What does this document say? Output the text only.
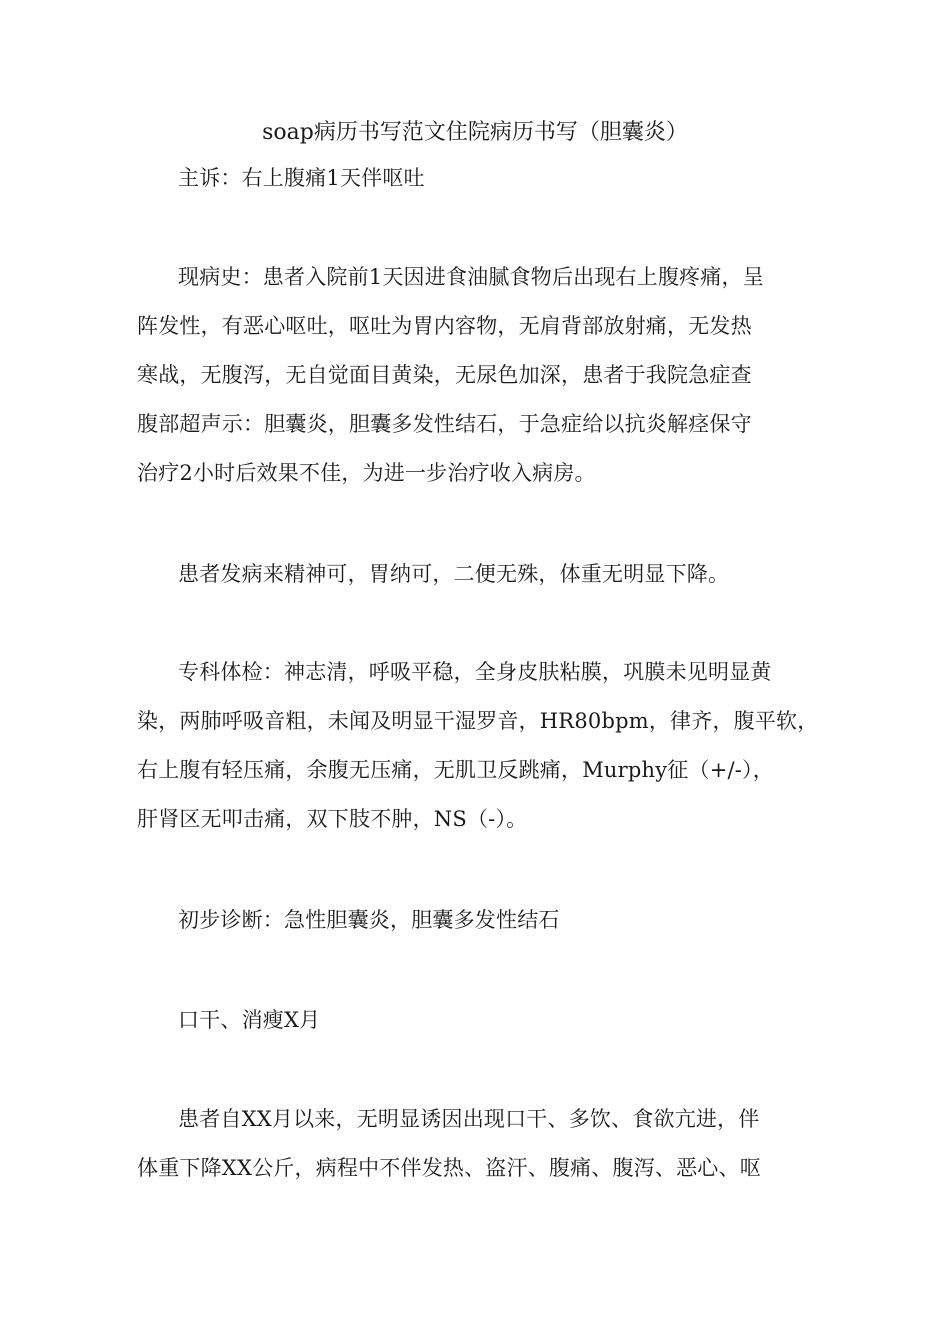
soap病历书写范文住院病历书写（胆囊炎）
主诉：右上腹痛1天伴呕吐
现病史：患者入院前1天因进食油腻食物后出现右上腹疼痛，呈
阵发性，有恶心呕吐，呕吐为胃内容物，无肩背部放射痛，无发热
寒战，无腹泻，无自觉面目黄染，无尿色加深，患者于我院急症查
腹部超声示：胆囊炎，胆囊多发性结石，于急症给以抗炎解痉保守
治疗2小时后效果不佳，为进一步治疗收入病房。
患者发病来精神可，胃纳可，二便无殊，体重无明显下降。
专科体检：神志清，呼吸平稳，全身皮肤粘膜，巩膜未见明显黄
染，两肺呼吸音粗，未闻及明显干湿罗音，HR80bpm，律齐，腹平软，
右上腹有轻压痛，余腹无压痛，无肌卫反跳痛，Murphy征（+/-），
肝肾区无叩击痛，双下肢不肿，NS（-）。
初步诊断：急性胆囊炎，胆囊多发性结石
口干、消瘦X月
患者自XX月以来，无明显诱因出现口干、多饮、食欲亢进，伴
体重下降XX公斤，病程中不伴发热、盗汗、腹痛、腹泻、恶心、呕
